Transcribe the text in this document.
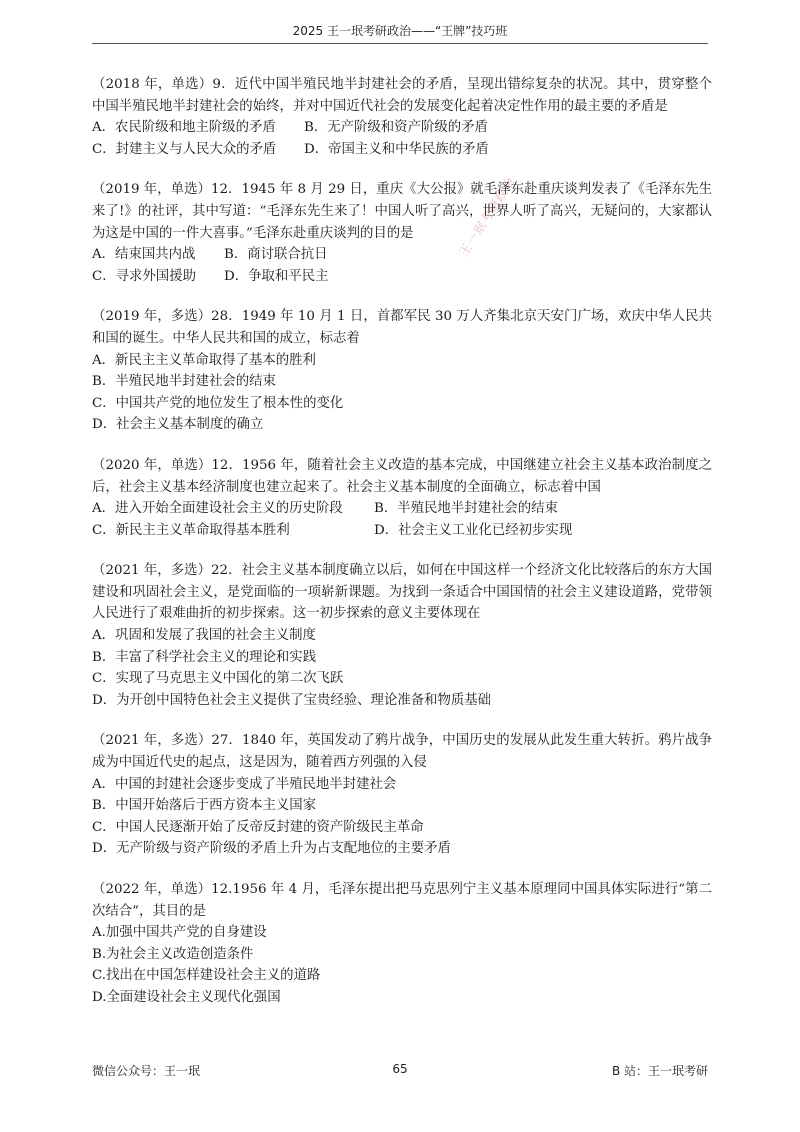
2025 王一珉考研政治——“王牌”技巧班
王一珉考研政治
（2018 年，单选）9．近代中国半殖民地半封建社会的矛盾，呈现出错综复杂的状况。其中，贯穿整个中国半殖民地半封建社会的始终，并对中国近代社会的发展变化起着决定性作用的最主要的矛盾是
A．农民阶级和地主阶级的矛盾	B．无产阶级和资产阶级的矛盾
C．封建主义与人民大众的矛盾	D．帝国主义和中华民族的矛盾
（2019 年，单选）12．1945 年 8 月 29 日，重庆《大公报》就毛泽东赴重庆谈判发表了《毛泽东先生来了!》的社评，其中写道：“毛泽东先生来了！中国人听了高兴，世界人听了高兴，无疑问的，大家都认为这是中国的一件大喜事。”毛泽东赴重庆谈判的目的是
A．结束国共内战	B．商讨联合抗日
C．寻求外国援助	D．争取和平民主
（2019 年，多选）28．1949 年 10 月 1 日，首都军民 30 万人齐集北京天安门广场，欢庆中华人民共和国的诞生。中华人民共和国的成立，标志着
A．新民主主义革命取得了基本的胜利
B．半殖民地半封建社会的结束
C．中国共产党的地位发生了根本性的变化
D．社会主义基本制度的确立
（2020 年，单选）12．1956 年，随着社会主义改造的基本完成，中国继建立社会主义基本政治制度之后，社会主义基本经济制度也建立起来了。社会主义基本制度的全面确立，标志着中国
A．进入开始全面建设社会主义的历史阶段	B．半殖民地半封建社会的结束
C．新民主主义革命取得基本胜利	D．社会主义工业化已经初步实现
（2021 年，多选）22．社会主义基本制度确立以后，如何在中国这样一个经济文化比较落后的东方大国建设和巩固社会主义，是党面临的一项崭新课题。为找到一条适合中国国情的社会主义建设道路，党带领人民进行了艰难曲折的初步探索。这一初步探索的意义主要体现在
A．巩固和发展了我国的社会主义制度
B．丰富了科学社会主义的理论和实践
C．实现了马克思主义中国化的第二次飞跃
D．为开创中国特色社会主义提供了宝贵经验、理论准备和物质基础
（2021 年，多选）27．1840 年，英国发动了鸦片战争，中国历史的发展从此发生重大转折。鸦片战争成为中国近代史的起点，这是因为，随着西方列强的入侵
A．中国的封建社会逐步变成了半殖民地半封建社会
B．中国开始落后于西方资本主义国家
C．中国人民逐渐开始了反帝反封建的资产阶级民主革命
D．无产阶级与资产阶级的矛盾上升为占支配地位的主要矛盾
（2022 年，单选）12.1956 年 4 月，毛泽东提出把马克思列宁主义基本原理同中国具体实际进行“第二次结合”，其目的是
A.加强中国共产党的自身建设
B.为社会主义改造创造条件
C.找出在中国怎样建设社会主义的道路
D.全面建设社会主义现代化强国
微信公众号：王一珉	65	B 站：王一珉考研
